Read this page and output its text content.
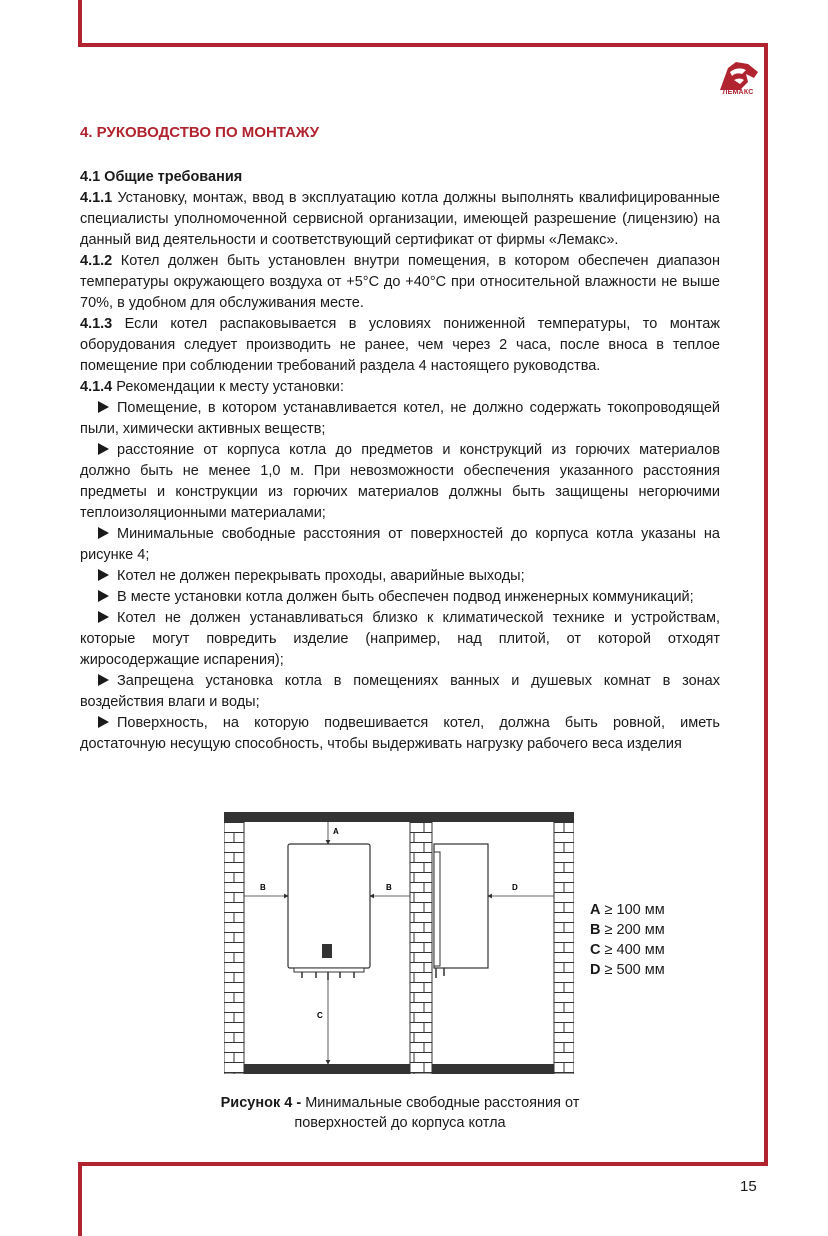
ЛЕМАКС
4. РУКОВОДСТВО ПО МОНТАЖУ
4.1 Общие требования

4.1.1 Установку, монтаж, ввод в эксплуатацию котла должны выполнять квалифицированные специалисты уполномоченной сервисной организации, имеющей разрешение (лицензию) на данный вид деятельности и соответствующий сертификат от фирмы «Лемакс».

4.1.2 Котел должен быть установлен внутри помещения, в котором обеспечен диапазон температуры окружающего воздуха от +5°С до +40°С при относительной влажности не выше 70%, в удобном для обслуживания месте.

4.1.3 Если котел распаковывается в условиях пониженной температуры, то монтаж оборудования следует производить не ранее, чем через 2 часа, после вноса в теплое помещение при соблюдении требований раздела 4 настоящего руководства.

4.1.4 Рекомендации к месту установки:

Помещение, в котором устанавливается котел, не должно содержать токопроводящей пыли, химически активных веществ;

расстояние от корпуса котла до предметов и конструкций из горючих материалов должно быть не менее 1,0 м. При невозможности обеспечения указанного расстояния предметы и конструкции из горючих материалов должны быть защищены негорючими теплоизоляционными материалами;

Минимальные свободные расстояния от поверхностей до корпуса котла указаны на рисунке 4;

Котел не должен перекрывать проходы, аварийные выходы;

В месте установки котла должен быть обеспечен подвод инженерных коммуникаций;

Котел не должен устанавливаться близко к климатической технике и устройствам, которые могут повредить изделие (например, над плитой, от которой отходят жиросодержащие испарения);

Запрещена установка котла в помещениях ванных и душевых комнат в зонах воздействия влаги и воды;

Поверхность, на которую подвешивается котел, должна быть ровной, иметь достаточную несущую способность, чтобы выдерживать нагрузку рабочего веса изделия

A
B	B
C
D
A ≥ 100 мм
B ≥ 200 мм
C ≥ 400 мм
D ≥ 500 мм
Рисунок 4 - Минимальные свободные расстояния от поверхностей до корпуса котла
15
